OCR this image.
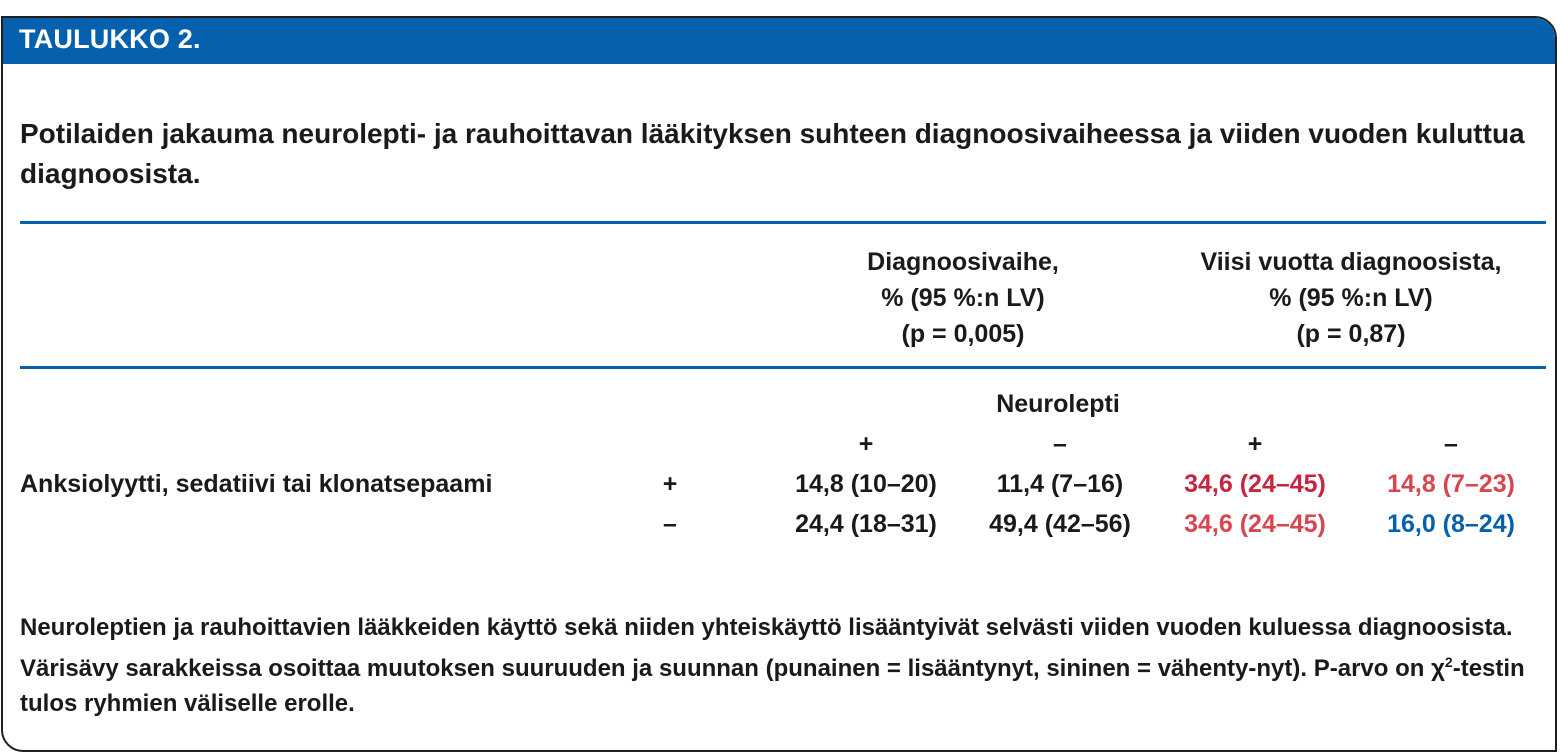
TAULUKKO 2.
Potilaiden jakauma neurolepti- ja rauhoittavan lääkityksen suhteen diagnoosivaiheessa ja viiden vuoden kuluttua diagnoosista.
Diagnoosivaihe,
% (95 %:n LV)
(p = 0,005)
Viisi vuotta diagnoosista,
% (95 %:n LV)
(p = 0,87)
Neurolepti
+	–	+	–
Anksiolyytti, sedatiivi tai klonatsepaami	+	14,8 (10–20)	11,4 (7–16)	34,6 (24–45)	14,8 (7–23)
–	24,4 (18–31)	49,4 (42–56)	34,6 (24–45)	16,0 (8–24)
Neuroleptien ja rauhoittavien lääkkeiden käyttö sekä niiden yhteiskäyttö lisääntyivät selvästi viiden vuoden kuluessa diagnoosista. Värisävy sarakkeissa osoittaa muutoksen suuruuden ja suunnan (punainen = lisääntynyt, sininen = vähenty-nyt). P-arvo on $\chi^2$-testin tulos ryhmien väliselle erolle.
